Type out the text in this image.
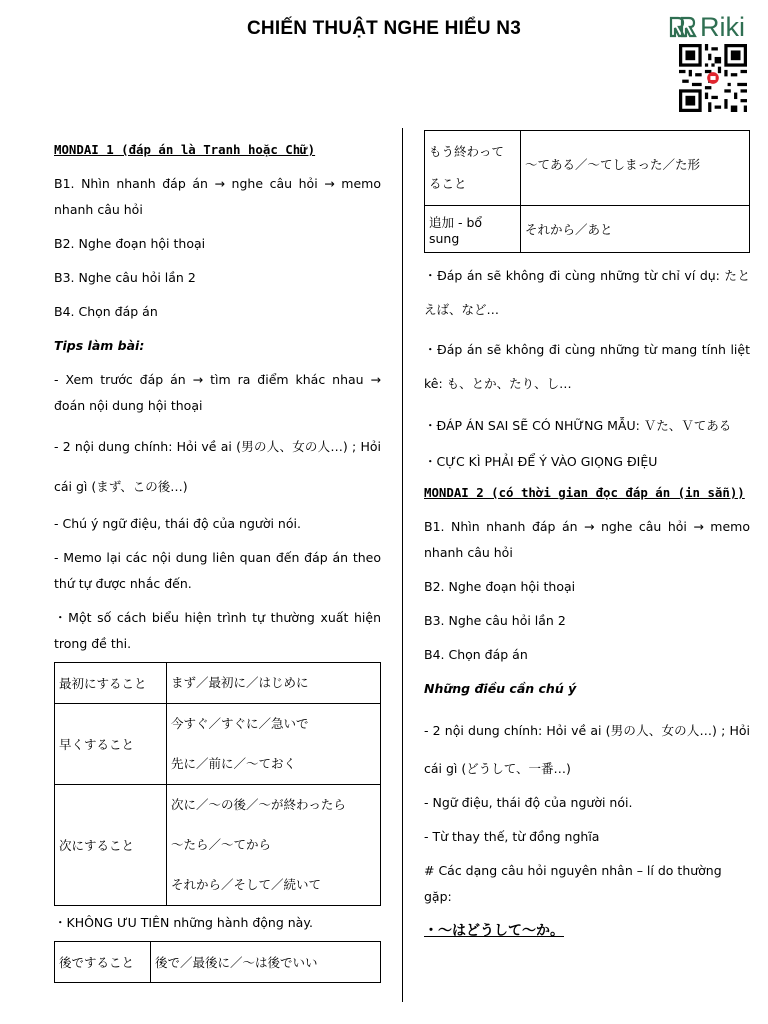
CHIẾN THUẬT NGHE HIỂU N3	Riki

MONDAI 1 (đáp án là Tranh hoặc Chữ)

B1. Nhìn nhanh đáp án → nghe câu hỏi → memo nhanh câu hỏi

B2. Nghe đoạn hội thoại

B3. Nghe câu hỏi lần 2

B4. Chọn đáp án

Tips làm bài:

- Xem trước đáp án → tìm ra điểm khác nhau → đoán nội dung hội thoại

- 2 nội dung chính: Hỏi về ai (男の人、女の人…) ; Hỏi cái gì (まず、この後…)

- Chú ý ngữ điệu, thái độ của người nói.

- Memo lại các nội dung liên quan đến đáp án theo thứ tự được nhắc đến.

・Một số cách biểu hiện trình tự thường xuất hiện trong đề thi.

最初にすること	まず／最初に／はじめに

早くすること	今すぐ／すぐに／急いで
先に／前に／〜ておく

次にすること	次に／〜の後／〜が終わったら
〜たら／〜てから
それから／そして／続いて

・KHÔNG ƯU TIÊN những hành động này.

後ですること	後で／最後に／〜は後でいい
もう終わってること	〜てある／〜てしまった／た形
追加 - bổ sung	それから／あと

・Đáp án sẽ không đi cùng những từ chỉ ví dụ: たとえば、など…

・Đáp án sẽ không đi cùng những từ mang tính liệt kê: も、とか、たり、し…

・ĐÁP ÁN SAI SẼ CÓ NHỮNG MẪU: Ｖた、Ｖてある

・CỰC KÌ PHẢI ĐỂ Ý VÀO GIỌNG ĐIỆU

MONDAI 2 (có thời gian đọc đáp án (in sẵn))

B1. Nhìn nhanh đáp án → nghe câu hỏi → memo nhanh câu hỏi

B2. Nghe đoạn hội thoại

B3. Nghe câu hỏi lần 2

B4. Chọn đáp án

Những điều cần chú ý

- 2 nội dung chính: Hỏi về ai (男の人、女の人…) ; Hỏi cái gì (どうして、一番…)

- Ngữ điệu, thái độ của người nói.

- Từ thay thế, từ đồng nghĩa

# Các dạng câu hỏi nguyên nhân – lí do thường gặp:

・〜はどうして〜か。
